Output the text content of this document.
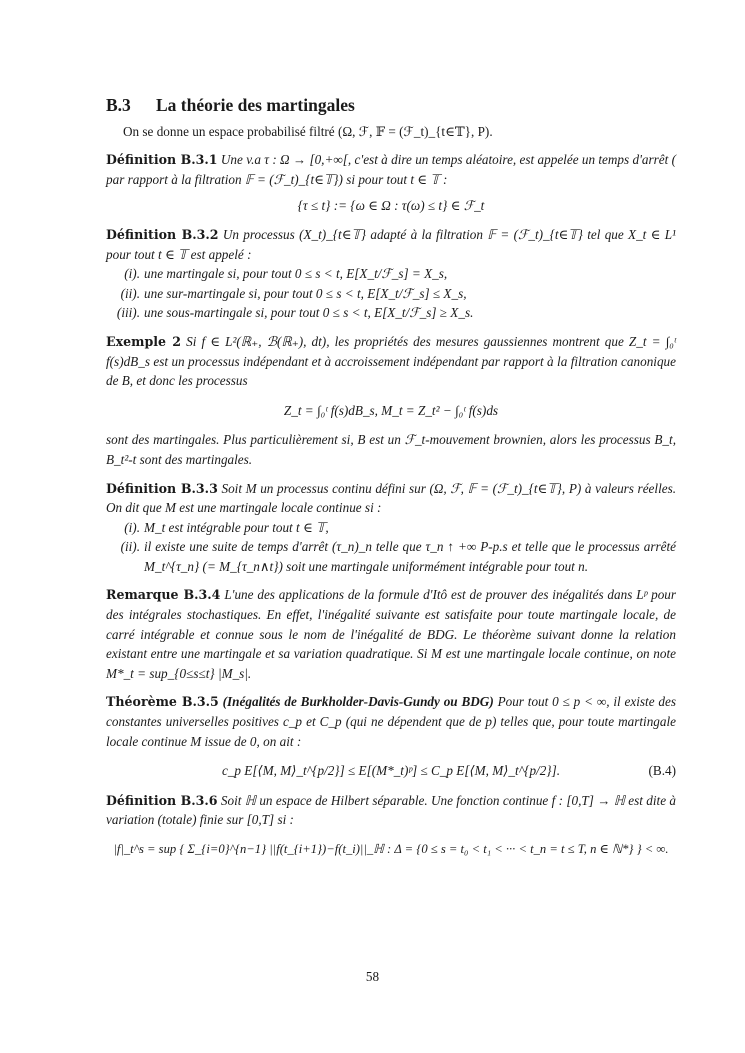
B.3 La théorie des martingales
On se donne un espace probabilisé filtré (Ω, ℱ, 𝔽 = (ℱ_t)_{t∈𝕋}, P).
Définition B.3.1 Une v.a τ : Ω → [0,+∞[, c'est à dire un temps aléatoire, est appelée un temps d'arrêt ( par rapport à la filtration 𝔽 = (ℱ_t)_{t∈𝕋}) si pour tout t ∈ 𝕋 :
{τ ≤ t} := {ω ∈ Ω : τ(ω) ≤ t} ∈ ℱ_t
Définition B.3.2 Un processus (X_t)_{t∈𝕋} adapté à la filtration 𝔽 = (ℱ_t)_{t∈𝕋} tel que X_t ∈ L¹ pour tout t ∈ 𝕋 est appelé :
(i). une martingale si, pour tout 0 ≤ s < t, E[X_t/ℱ_s] = X_s,
(ii). une sur-martingale si, pour tout 0 ≤ s < t, E[X_t/ℱ_s] ≤ X_s,
(iii). une sous-martingale si, pour tout 0 ≤ s < t, E[X_t/ℱ_s] ≥ X_s.
Exemple 2 Si f ∈ L²(ℝ₊, ℬ(ℝ₊), dt), les propriétés des mesures gaussiennes montrent que Z_t = ∫₀ᵗ f(s)dB_s est un processus indépendant et à accroissement indépendant par rapport à la filtration canonique de B, et donc les processus
Z_t = ∫₀ᵗ f(s)dB_s, M_t = Z_t² − ∫₀ᵗ f(s)ds
sont des martingales. Plus particulièrement si, B est un ℱ_t-mouvement brownien, alors les processus B_t, B_t²-t sont des martingales.
Définition B.3.3 Soit M un processus continu défini sur (Ω, ℱ, 𝔽 = (ℱ_t)_{t∈𝕋}, P) à valeurs réelles. On dit que M est une martingale locale continue si :
(i). M_t est intégrable pour tout t ∈ 𝕋,
(ii). il existe une suite de temps d'arrêt (τ_n)_n telle que τ_n ↑ +∞ P-p.s et telle que le processus arrêté M_t^{τ_n} (= M_{τ_n∧t}) soit une martingale uniformément intégrable pour tout n.
Remarque B.3.4 L'une des applications de la formule d'Itô est de prouver des inégalités dans Lᵖ pour des intégrales stochastiques. En effet, l'inégalité suivante est satisfaite pour toute martingale locale, de carré intégrable et connue sous le nom de l'inégalité de BDG. Le théorème suivant donne la relation existant entre une martingale et sa variation quadratique. Si M est une martingale locale continue, on note M*_t = sup_{0≤s≤t} |M_s|.
Théorème B.3.5 (Inégalités de Burkholder-Davis-Gundy ou BDG) Pour tout 0 ≤ p < ∞, il existe des constantes universelles positives c_p et C_p (qui ne dépendent que de p) telles que, pour toute martingale locale continue M issue de 0, on ait :
c_p E[⟨M, M⟩_t^{p/2}] ≤ E[(M*_t)ᵖ] ≤ C_p E[⟨M, M⟩_t^{p/2}].	(B.4)
Définition B.3.6 Soit ℍ un espace de Hilbert séparable. Une fonction continue f : [0,T] → ℍ est dite à variation (totale) finie sur [0,T] si :
|f|_t^s = sup { Σ_{i=0}^{n−1} ||f(t_{i+1})−f(t_i)||_ℍ : Δ = {0 ≤ s = t₀ < t₁ < ··· < t_n = t ≤ T, n ∈ ℕ*} } < ∞.
58
